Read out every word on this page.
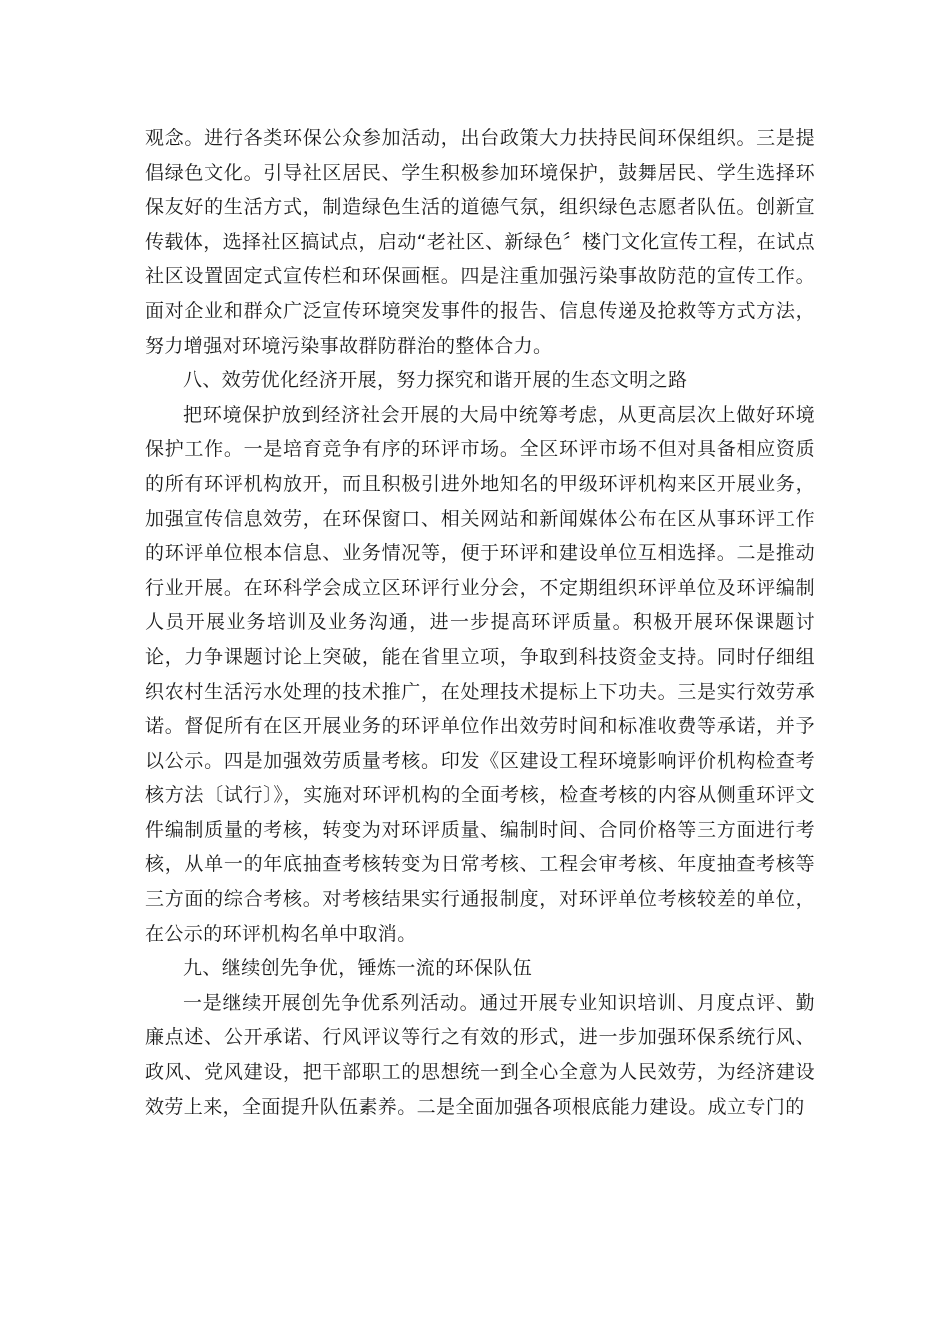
观念。进行各类环保公众参加活动，出台政策大力扶持民间环保组织。三是提倡绿色文化。引导社区居民、学生积极参加环境保护，鼓舞居民、学生选择环保友好的生活方式，制造绿色生活的道德气氛，组织绿色志愿者队伍。创新宣传载体，选择社区搞试点，启动“老社区、新绿色〞楼门文化宣传工程，在试点社区设置固定式宣传栏和环保画框。四是注重加强污染事故防范的宣传工作。面对企业和群众广泛宣传环境突发事件的报告、信息传递及抢救等方式方法，努力增强对环境污染事故群防群治的整体合力。

八、效劳优化经济开展，努力探究和谐开展的生态文明之路

把环境保护放到经济社会开展的大局中统筹考虑，从更高层次上做好环境保护工作。一是培育竞争有序的环评市场。全区环评市场不但对具备相应资质的所有环评机构放开，而且积极引进外地知名的甲级环评机构来区开展业务，加强宣传信息效劳，在环保窗口、相关网站和新闻媒体公布在区从事环评工作的环评单位根本信息、业务情况等，便于环评和建设单位互相选择。二是推动行业开展。在环科学会成立区环评行业分会，不定期组织环评单位及环评编制人员开展业务培训及业务沟通，进一步提高环评质量。积极开展环保课题讨论，力争课题讨论上突破，能在省里立项，争取到科技资金支持。同时仔细组织农村生活污水处理的技术推广，在处理技术提标上下功夫。三是实行效劳承诺。督促所有在区开展业务的环评单位作出效劳时间和标准收费等承诺，并予以公示。四是加强效劳质量考核。印发《区建设工程环境影响评价机构检查考核方法〔试行〕》，实施对环评机构的全面考核，检查考核的内容从侧重环评文件编制质量的考核，转变为对环评质量、编制时间、合同价格等三方面进行考核，从单一的年底抽查考核转变为日常考核、工程会审考核、年度抽查考核等三方面的综合考核。对考核结果实行通报制度，对环评单位考核较差的单位，在公示的环评机构名单中取消。

九、继续创先争优，锤炼一流的环保队伍

一是继续开展创先争优系列活动。通过开展专业知识培训、月度点评、勤廉点述、公开承诺、行风评议等行之有效的形式，进一步加强环保系统行风、政风、党风建设，把干部职工的思想统一到全心全意为人民效劳，为经济建设效劳上来，全面提升队伍素养。二是全面加强各项根底能力建设。成立专门的
